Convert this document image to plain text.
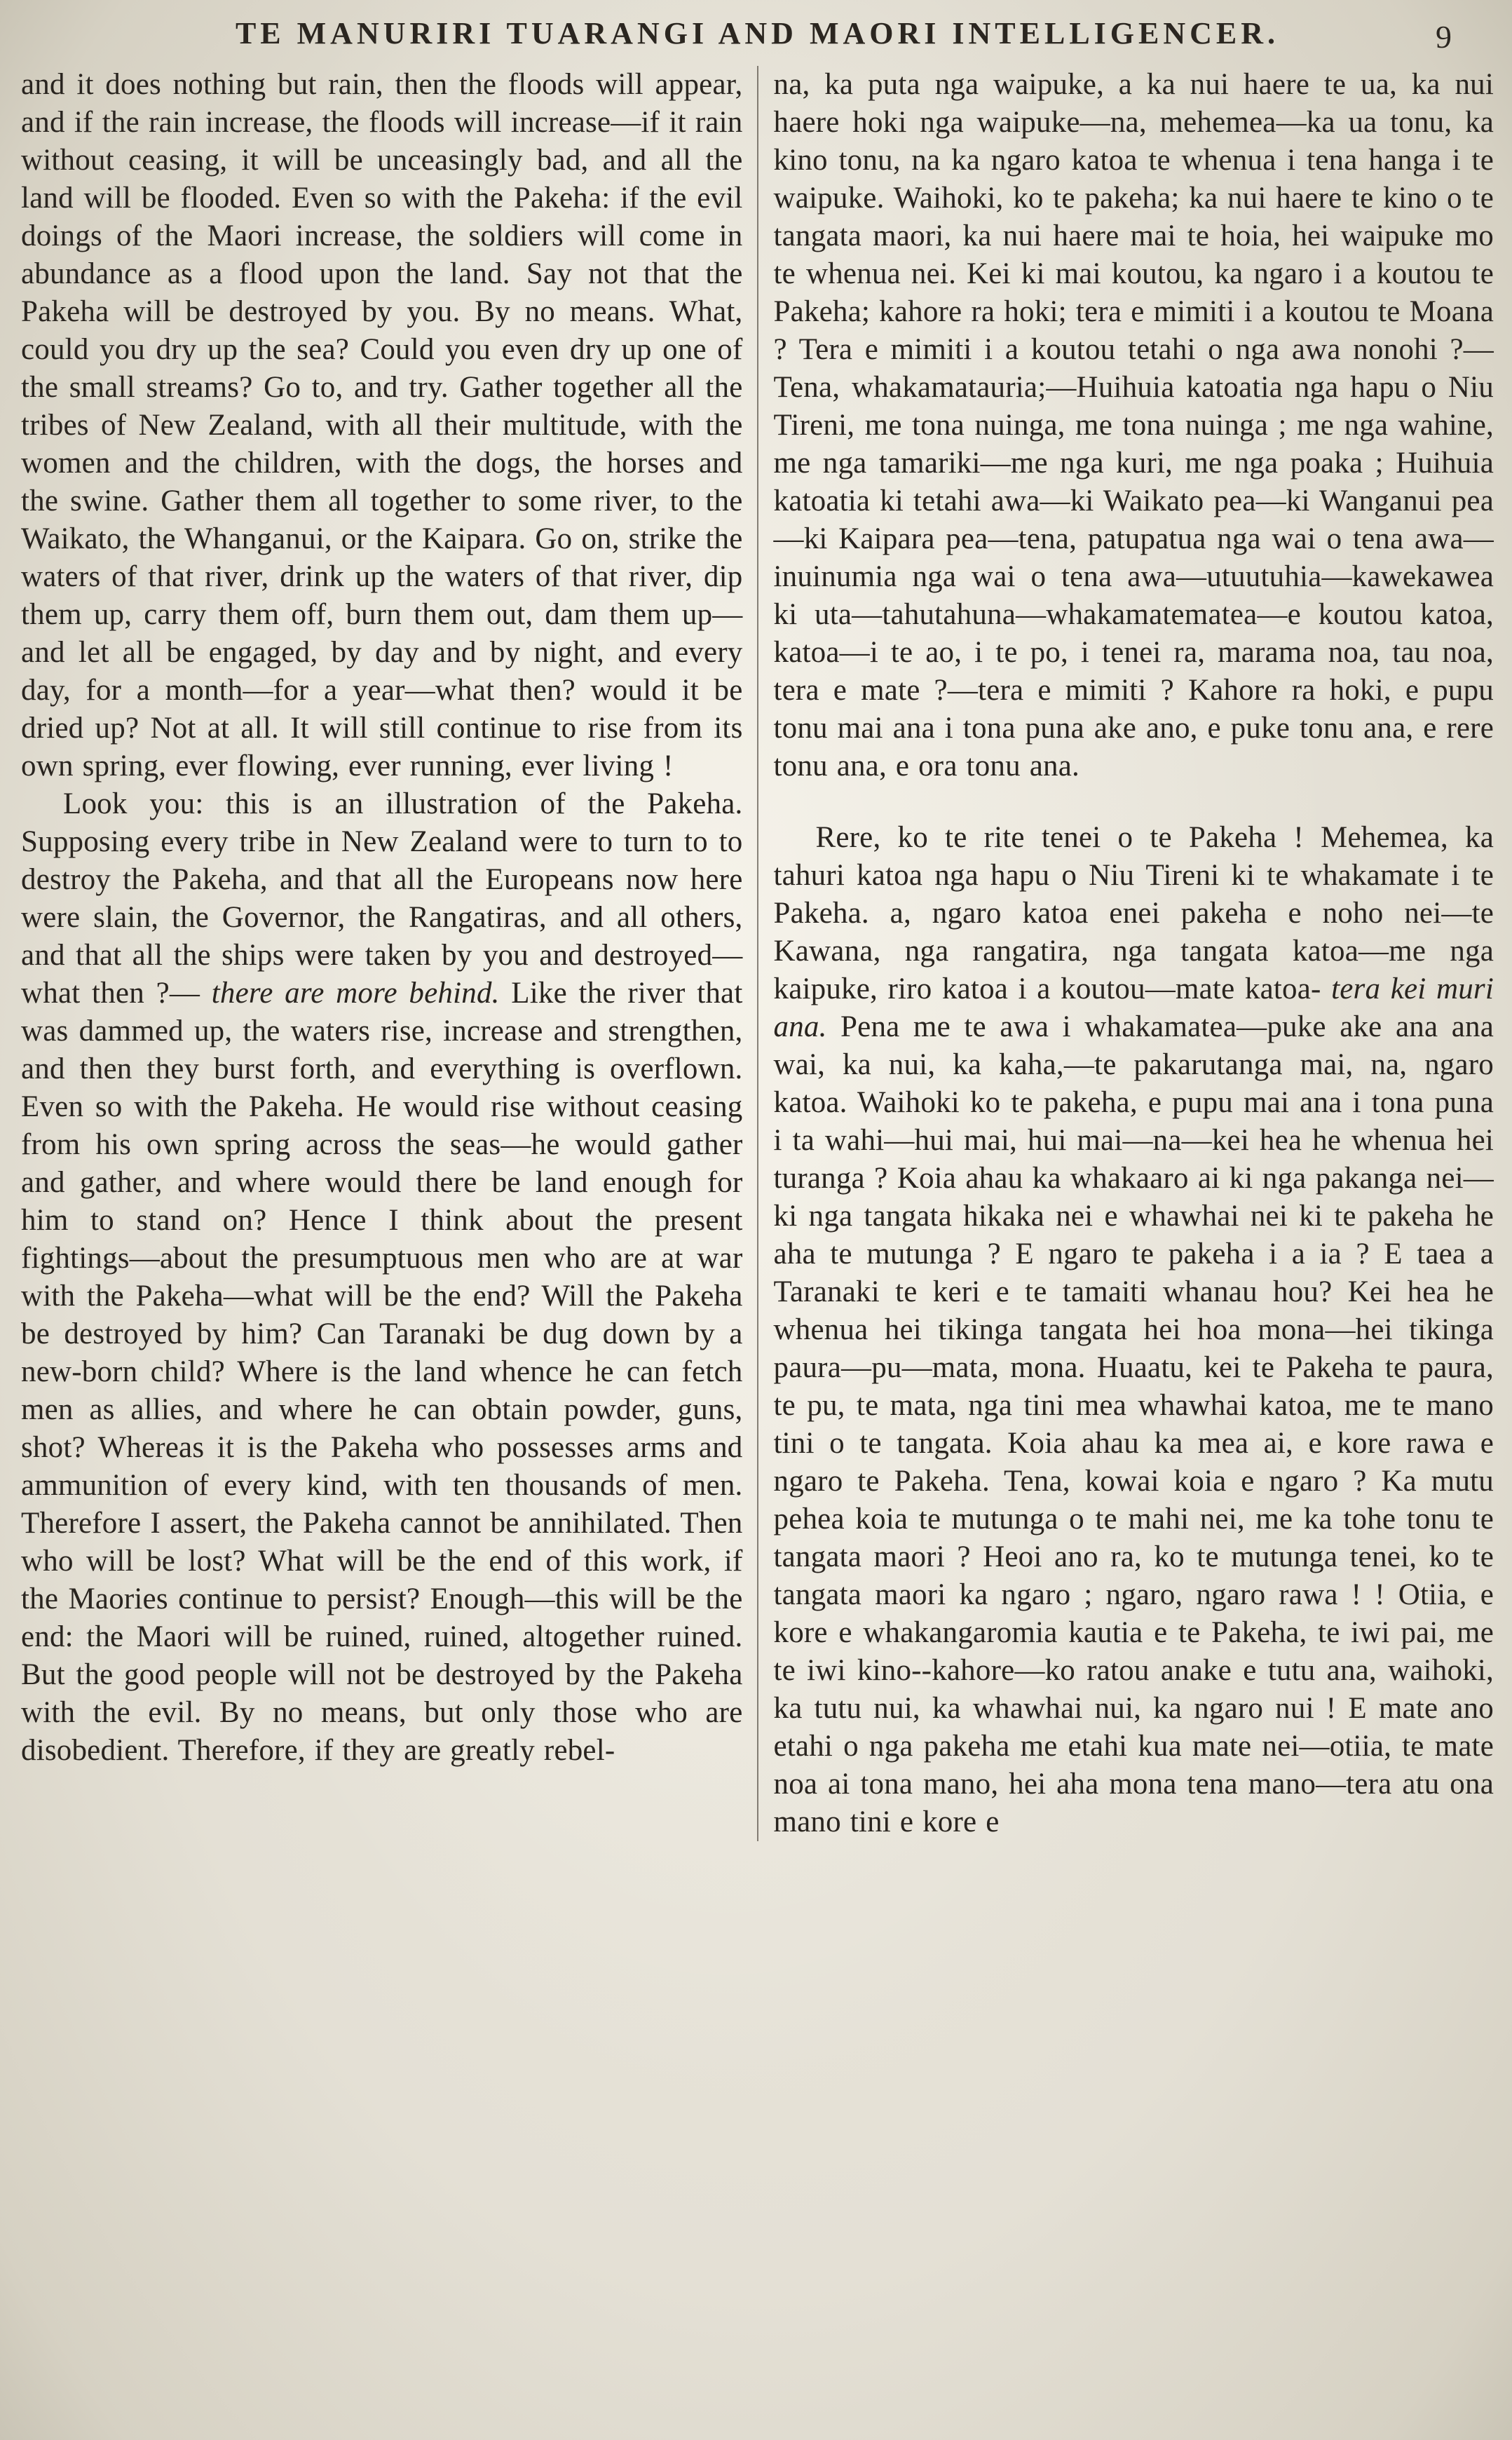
TE MANURIRI TUARANGI AND MAORI INTELLIGENCER.	9

and it does nothing but rain, then the floods will appear, and if the rain increase, the floods will increase—if it rain without ceasing, it will be unceasingly bad, and all the land will be flooded. Even so with the Pakeha: if the evil doings of the Maori increase, the soldiers will come in abundance as a flood upon the land. Say not that the Pakeha will be destroyed by you. By no means. What, could you dry up the sea? Could you even dry up one of the small streams? Go to, and try. Gather together all the tribes of New Zealand, with all their multitude, with the women and the children, with the dogs, the horses and the swine. Gather them all together to some river, to the Waikato, the Whanganui, or the Kaipara. Go on, strike the waters of that river, drink up the waters of that river, dip them up, carry them off, burn them out, dam them up—and let all be engaged, by day and by night, and every day, for a month—for a year—what then? would it be dried up? Not at all. It will still continue to rise from its own spring, ever flowing, ever running, ever living !

Look you: this is an illustration of the Pakeha. Supposing every tribe in New Zealand were to turn to to destroy the Pakeha, and that all the Europeans now here were slain, the Governor, the Rangatiras, and all others, and that all the ships were taken by you and destroyed—what then ?— there are more behind. Like the river that was dammed up, the waters rise, increase and strengthen, and then they burst forth, and everything is overflown. Even so with the Pakeha. He would rise without ceasing from his own spring across the seas—he would gather and gather, and where would there be land enough for him to stand on? Hence I think about the present fightings—about the presumptuous men who are at war with the Pakeha—what will be the end? Will the Pakeha be destroyed by him? Can Taranaki be dug down by a new-born child? Where is the land whence he can fetch men as allies, and where he can obtain powder, guns, shot? Whereas it is the Pakeha who possesses arms and ammunition of every kind, with ten thousands of men. Therefore I assert, the Pakeha cannot be annihilated. Then who will be lost? What will be the end of this work, if the Maories continue to persist? Enough—this will be the end: the Maori will be ruined, ruined, altogether ruined. But the good people will not be destroyed by the Pakeha with the evil. By no means, but only those who are disobedient. Therefore, if they are greatly rebel-

na, ka puta nga waipuke, a ka nui haere te ua, ka nui haere hoki nga waipuke—na, mehemea—ka ua tonu, ka kino tonu, na ka ngaro katoa te whenua i tena hanga i te waipuke. Waihoki, ko te pakeha; ka nui haere te kino o te tangata maori, ka nui haere mai te hoia, hei waipuke mo te whenua nei. Kei ki mai koutou, ka ngaro i a koutou te Pakeha; kahore ra hoki; tera e mimiti i a koutou te Moana ? Tera e mimiti i a koutou tetahi o nga awa nonohi ?—Tena, whakamatauria;—Huihuia katoatia nga hapu o Niu Tireni, me tona nuinga, me tona nuinga ; me nga wahine, me nga tamariki—me nga kuri, me nga poaka ; Huihuia katoatia ki tetahi awa—ki Waikato pea—ki Wanganui pea—ki Kaipara pea—tena, patupatua nga wai o tena awa—inuinumia nga wai o tena awa—utuutuhia—kawekawea ki uta—tahutahuna—whakamatematea—e koutou katoa, katoa—i te ao, i te po, i tenei ra, marama noa, tau noa, tera e mate ?—tera e mimiti ? Kahore ra hoki, e pupu tonu mai ana i tona puna ake ano, e puke tonu ana, e rere tonu ana, e ora tonu ana.

Rere, ko te rite tenei o te Pakeha ! Mehemea, ka tahuri katoa nga hapu o Niu Tireni ki te whakamate i te Pakeha. a, ngaro katoa enei pakeha e noho nei—te Kawana, nga rangatira, nga tangata katoa—me nga kaipuke, riro katoa i a koutou—mate katoa- tera kei muri ana. Pena me te awa i whakamatea—puke ake ana ana wai, ka nui, ka kaha,—te pakarutanga mai, na, ngaro katoa. Waihoki ko te pakeha, e pupu mai ana i tona puna i ta wahi—hui mai, hui mai—na—kei hea he whenua hei turanga ? Koia ahau ka whakaaro ai ki nga pakanga nei—ki nga tangata hikaka nei e whawhai nei ki te pakeha he aha te mutunga ? E ngaro te pakeha i a ia ? E taea a Taranaki te keri e te tamaiti whanau hou? Kei hea he whenua hei tikinga tangata hei hoa mona—hei tikinga paura—pu—mata, mona. Huaatu, kei te Pakeha te paura, te pu, te mata, nga tini mea whawhai katoa, me te mano tini o te tangata. Koia ahau ka mea ai, e kore rawa e ngaro te Pakeha. Tena, kowai koia e ngaro ? Ka mutu pehea koia te mutunga o te mahi nei, me ka tohe tonu te tangata maori ? Heoi ano ra, ko te mutunga tenei, ko te tangata maori ka ngaro ; ngaro, ngaro rawa ! ! Otiia, e kore e whakangaromia kautia e te Pakeha, te iwi pai, me te iwi kino--kahore—ko ratou anake e tutu ana, waihoki, ka tutu nui, ka whawhai nui, ka ngaro nui ! E mate ano etahi o nga pakeha me etahi kua mate nei—otiia, te mate noa ai tona mano, hei aha mona tena mano—tera atu ona mano tini e kore e
